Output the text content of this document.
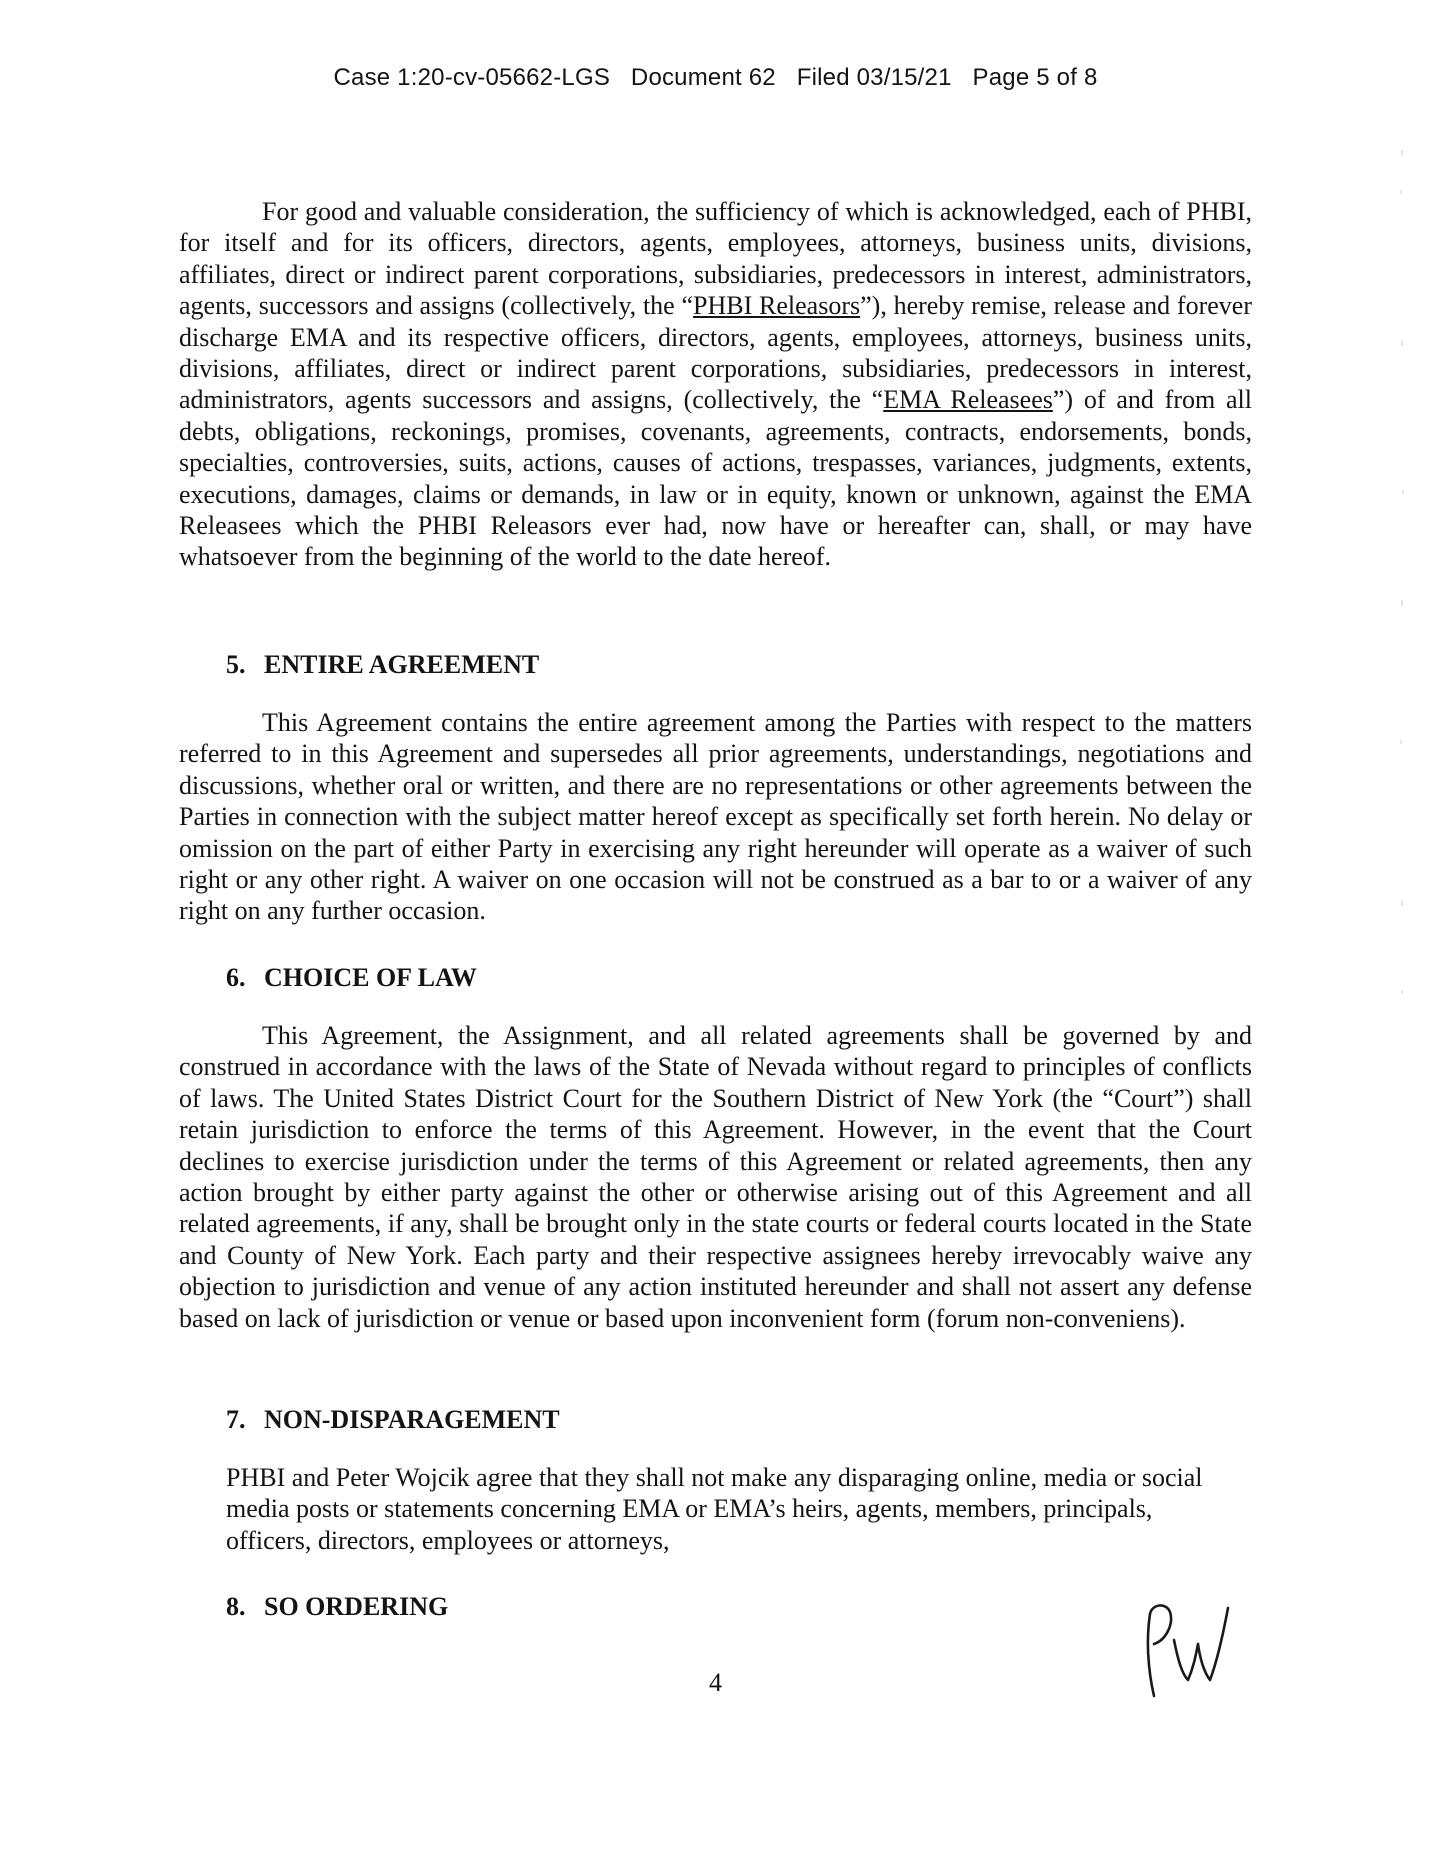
Case 1:20-cv-05662-LGS Document 62 Filed 03/15/21 Page 5 of 8
For good and valuable consideration, the sufficiency of which is acknowledged, each of PHBI, for itself and for its officers, directors, agents, employees, attorneys, business units, divisions, affiliates, direct or indirect parent corporations, subsidiaries, predecessors in interest, administrators, agents, successors and assigns (collectively, the “PHBI Releasors”), hereby remise, release and forever discharge EMA and its respective officers, directors, agents, employees, attorneys, business units, divisions, affiliates, direct or indirect parent corporations, subsidiaries, predecessors in interest, administrators, agents successors and assigns, (collectively, the “EMA Releasees”) of and from all debts, obligations, reckonings, promises, covenants, agreements, contracts, endorsements, bonds, specialties, controversies, suits, actions, causes of actions, trespasses, variances, judgments, extents, executions, damages, claims or demands, in law or in equity, known or unknown, against the EMA Releasees which the PHBI Releasors ever had, now have or hereafter can, shall, or may have whatsoever from the beginning of the world to the date hereof.
5. ENTIRE AGREEMENT
This Agreement contains the entire agreement among the Parties with respect to the matters referred to in this Agreement and supersedes all prior agreements, understandings, negotiations and discussions, whether oral or written, and there are no representations or other agreements between the Parties in connection with the subject matter hereof except as specifically set forth herein. No delay or omission on the part of either Party in exercising any right hereunder will operate as a waiver of such right or any other right. A waiver on one occasion will not be construed as a bar to or a waiver of any right on any further occasion.
6. CHOICE OF LAW
This Agreement, the Assignment, and all related agreements shall be governed by and construed in accordance with the laws of the State of Nevada without regard to principles of conflicts of laws. The United States District Court for the Southern District of New York (the “Court”) shall retain jurisdiction to enforce the terms of this Agreement. However, in the event that the Court declines to exercise jurisdiction under the terms of this Agreement or related agreements, then any action brought by either party against the other or otherwise arising out of this Agreement and all related agreements, if any, shall be brought only in the state courts or federal courts located in the State and County of New York. Each party and their respective assignees hereby irrevocably waive any objection to jurisdiction and venue of any action instituted hereunder and shall not assert any defense based on lack of jurisdiction or venue or based upon inconvenient form (forum non-conveniens).
7. NON-DISPARAGEMENT
PHBI and Peter Wojcik agree that they shall not make any disparaging online, media or social media posts or statements concerning EMA or EMA’s heirs, agents, members, principals, officers, directors, employees or attorneys,
8. SO ORDERING
4
